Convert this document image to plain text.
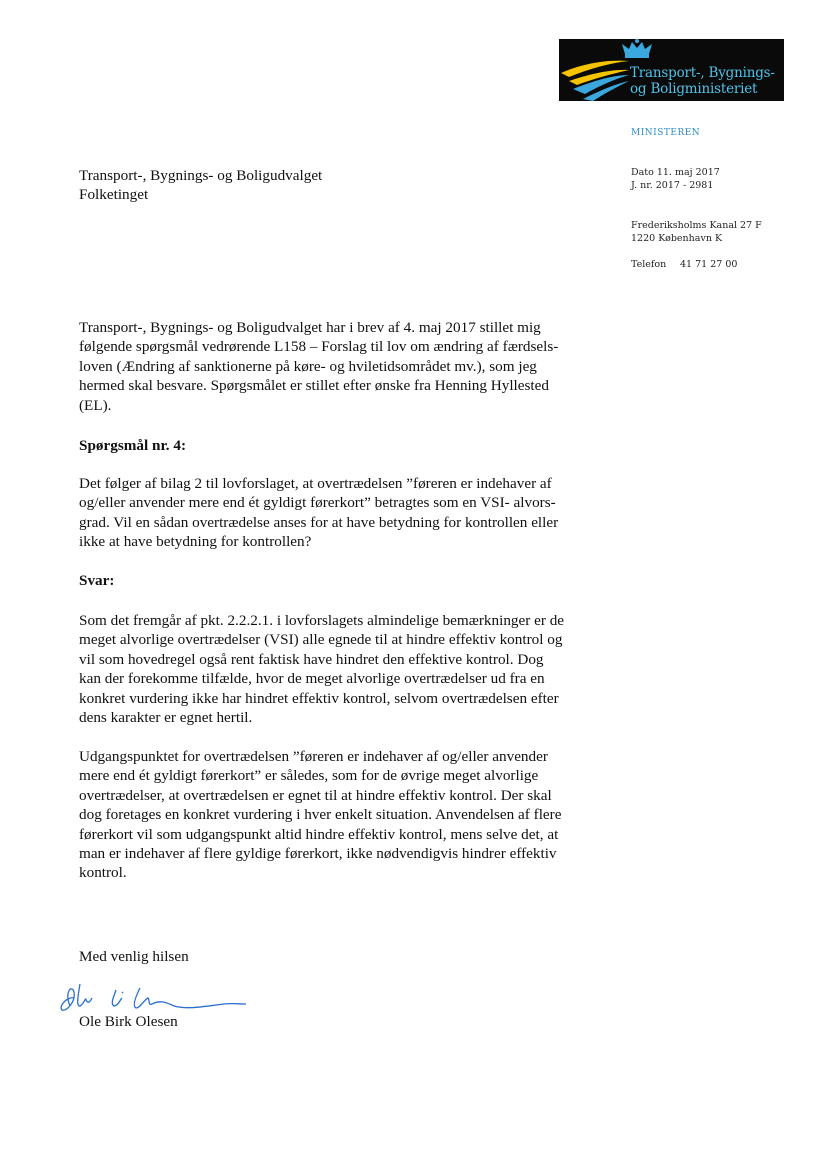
Transport-, Bygnings-
og Boligministeriet
MINISTEREN
Dato 11. maj 2017
J. nr. 2017 - 2981
Frederiksholms Kanal 27 F
1220 København K
Telefon 41 71 27 00
Transport-, Bygnings- og Boligudvalget
Folketinget
Transport-, Bygnings- og Boligudvalget har i brev af 4. maj 2017 stillet mig
følgende spørgsmål vedrørende L158 – Forslag til lov om ændring af færdsels-
loven (Ændring af sanktionerne på køre- og hviletidsområdet mv.), som jeg
hermed skal besvare. Spørgsmålet er stillet efter ønske fra Henning Hyllested
(EL).
Spørgsmål nr. 4:
Det følger af bilag 2 til lovforslaget, at overtrædelsen ”føreren er indehaver af
og/eller anvender mere end ét gyldigt førerkort” betragtes som en VSI- alvors-
grad. Vil en sådan overtrædelse anses for at have betydning for kontrollen eller
ikke at have betydning for kontrollen?
Svar:
Som det fremgår af pkt. 2.2.2.1. i lovforslagets almindelige bemærkninger er de
meget alvorlige overtrædelser (VSI) alle egnede til at hindre effektiv kontrol og
vil som hovedregel også rent faktisk have hindret den effektive kontrol. Dog
kan der forekomme tilfælde, hvor de meget alvorlige overtrædelser ud fra en
konkret vurdering ikke har hindret effektiv kontrol, selvom overtrædelsen efter
dens karakter er egnet hertil.
Udgangspunktet for overtrædelsen ”føreren er indehaver af og/eller anvender
mere end ét gyldigt førerkort” er således, som for de øvrige meget alvorlige
overtrædelser, at overtrædelsen er egnet til at hindre effektiv kontrol. Der skal
dog foretages en konkret vurdering i hver enkelt situation. Anvendelsen af flere
førerkort vil som udgangspunkt altid hindre effektiv kontrol, mens selve det, at
man er indehaver af flere gyldige førerkort, ikke nødvendigvis hindrer effektiv
kontrol.
Med venlig hilsen
Ole Birk Olesen
